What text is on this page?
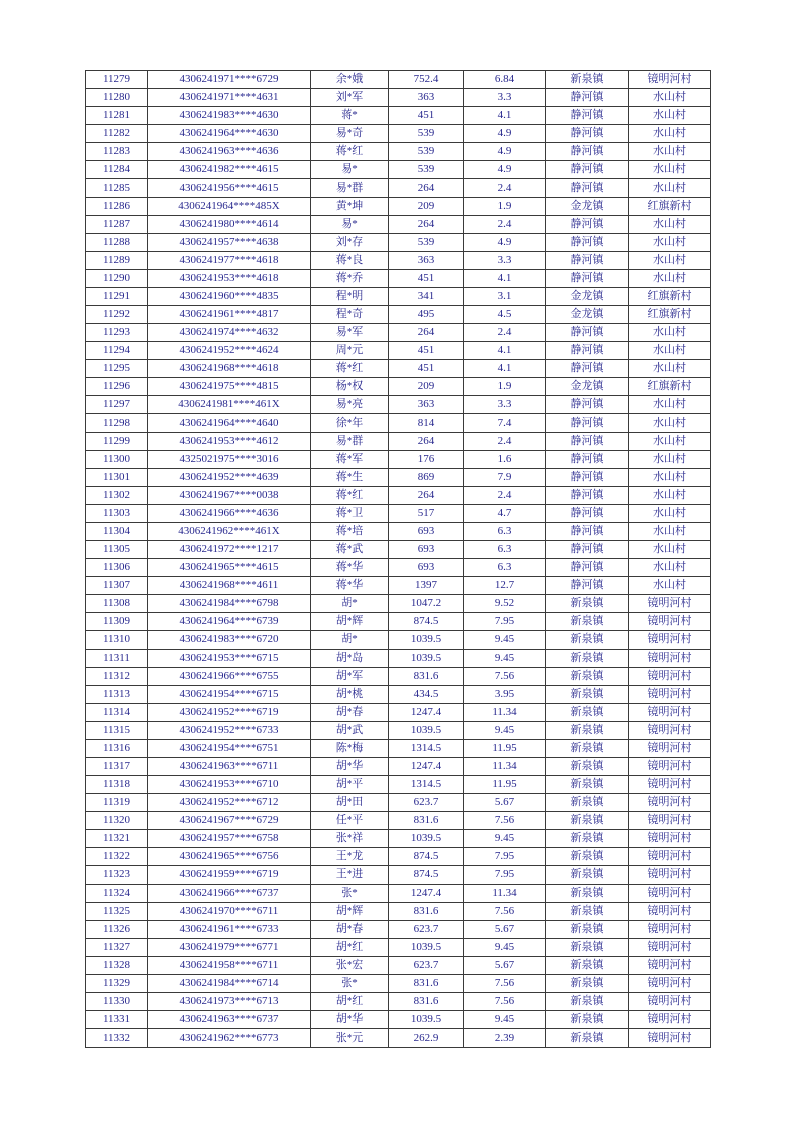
11279	4306241971****6729	余*娥	752.4	6.84	新泉镇	镜明河村
11280	4306241971****4631	刘*军	363	3.3	静河镇	水山村
11281	4306241983****4630	蒋*	451	4.1	静河镇	水山村
11282	4306241964****4630	易*奇	539	4.9	静河镇	水山村
11283	4306241963****4636	蒋*红	539	4.9	静河镇	水山村
11284	4306241982****4615	易*	539	4.9	静河镇	水山村
11285	4306241956****4615	易*群	264	2.4	静河镇	水山村
11286	4306241964****485X	黄*坤	209	1.9	金龙镇	红旗新村
11287	4306241980****4614	易*	264	2.4	静河镇	水山村
11288	4306241957****4638	刘*存	539	4.9	静河镇	水山村
11289	4306241977****4618	蒋*良	363	3.3	静河镇	水山村
11290	4306241953****4618	蒋*乔	451	4.1	静河镇	水山村
11291	4306241960****4835	程*明	341	3.1	金龙镇	红旗新村
11292	4306241961****4817	程*奇	495	4.5	金龙镇	红旗新村
11293	4306241974****4632	易*军	264	2.4	静河镇	水山村
11294	4306241952****4624	周*元	451	4.1	静河镇	水山村
11295	4306241968****4618	蒋*红	451	4.1	静河镇	水山村
11296	4306241975****4815	杨*权	209	1.9	金龙镇	红旗新村
11297	4306241981****461X	易*亮	363	3.3	静河镇	水山村
11298	4306241964****4640	徐*年	814	7.4	静河镇	水山村
11299	4306241953****4612	易*群	264	2.4	静河镇	水山村
11300	4325021975****3016	蒋*军	176	1.6	静河镇	水山村
11301	4306241952****4639	蒋*生	869	7.9	静河镇	水山村
11302	4306241967****0038	蒋*红	264	2.4	静河镇	水山村
11303	4306241966****4636	蒋*卫	517	4.7	静河镇	水山村
11304	4306241962****461X	蒋*培	693	6.3	静河镇	水山村
11305	4306241972****1217	蒋*武	693	6.3	静河镇	水山村
11306	4306241965****4615	蒋*华	693	6.3	静河镇	水山村
11307	4306241968****4611	蒋*华	1397	12.7	静河镇	水山村
11308	4306241984****6798	胡*	1047.2	9.52	新泉镇	镜明河村
11309	4306241964****6739	胡*辉	874.5	7.95	新泉镇	镜明河村
11310	4306241983****6720	胡*	1039.5	9.45	新泉镇	镜明河村
11311	4306241953****6715	胡*岛	1039.5	9.45	新泉镇	镜明河村
11312	4306241966****6755	胡*军	831.6	7.56	新泉镇	镜明河村
11313	4306241954****6715	胡*桃	434.5	3.95	新泉镇	镜明河村
11314	4306241952****6719	胡*春	1247.4	11.34	新泉镇	镜明河村
11315	4306241952****6733	胡*武	1039.5	9.45	新泉镇	镜明河村
11316	4306241954****6751	陈*梅	1314.5	11.95	新泉镇	镜明河村
11317	4306241963****6711	胡*华	1247.4	11.34	新泉镇	镜明河村
11318	4306241953****6710	胡*平	1314.5	11.95	新泉镇	镜明河村
11319	4306241952****6712	胡*田	623.7	5.67	新泉镇	镜明河村
11320	4306241967****6729	任*平	831.6	7.56	新泉镇	镜明河村
11321	4306241957****6758	张*祥	1039.5	9.45	新泉镇	镜明河村
11322	4306241965****6756	王*龙	874.5	7.95	新泉镇	镜明河村
11323	4306241959****6719	王*进	874.5	7.95	新泉镇	镜明河村
11324	4306241966****6737	张*	1247.4	11.34	新泉镇	镜明河村
11325	4306241970****6711	胡*辉	831.6	7.56	新泉镇	镜明河村
11326	4306241961****6733	胡*春	623.7	5.67	新泉镇	镜明河村
11327	4306241979****6771	胡*红	1039.5	9.45	新泉镇	镜明河村
11328	4306241958****6711	张*宏	623.7	5.67	新泉镇	镜明河村
11329	4306241984****6714	张*	831.6	7.56	新泉镇	镜明河村
11330	4306241973****6713	胡*红	831.6	7.56	新泉镇	镜明河村
11331	4306241963****6737	胡*华	1039.5	9.45	新泉镇	镜明河村
11332	4306241962****6773	张*元	262.9	2.39	新泉镇	镜明河村
